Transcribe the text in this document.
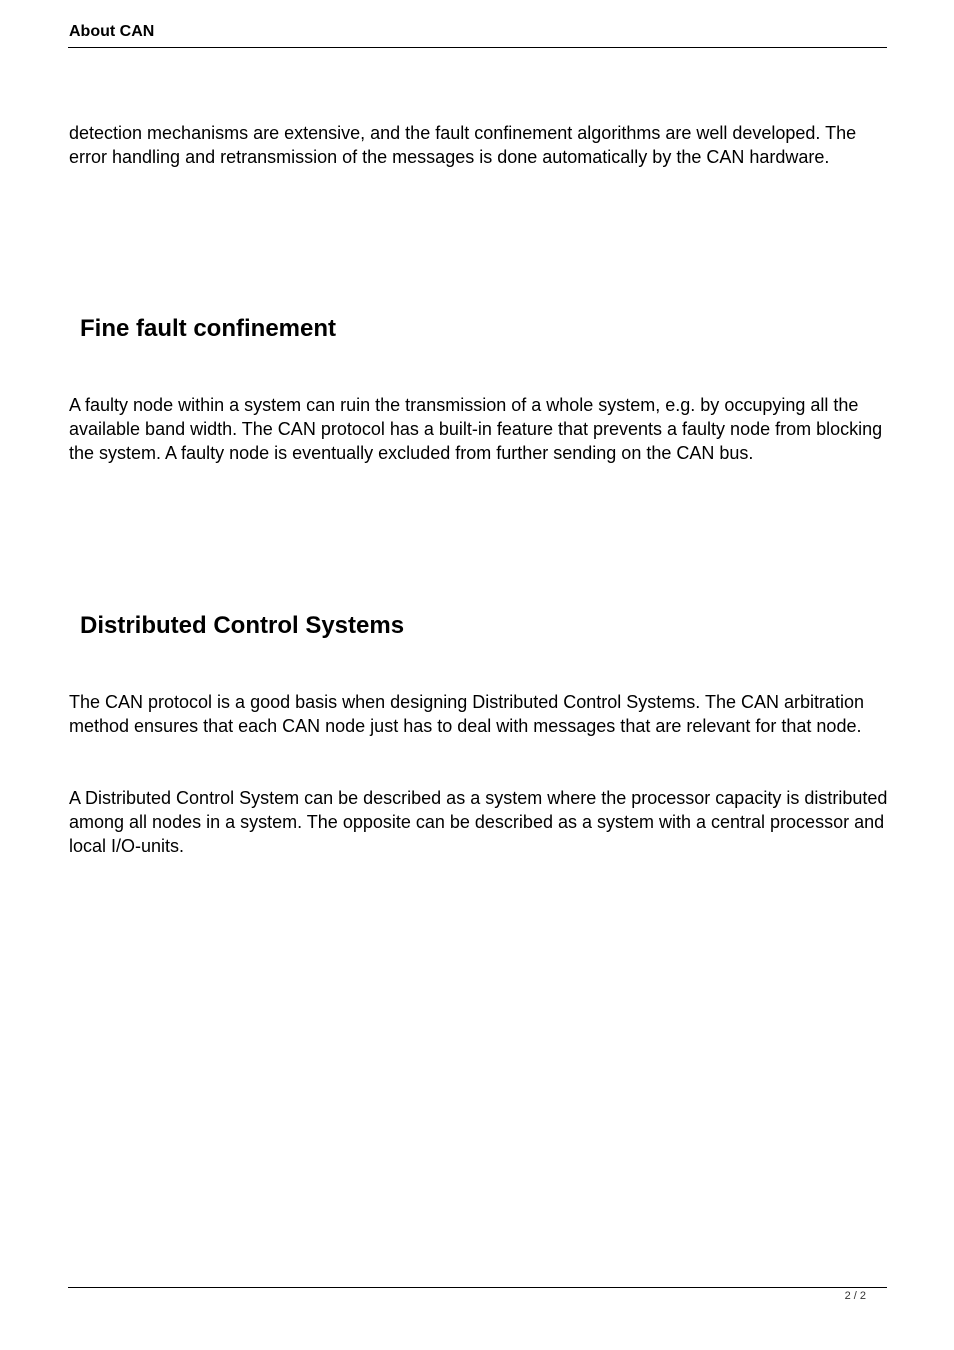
About CAN

detection mechanisms are extensive, and the fault confinement algorithms are well developed. The error handling and retransmission of the messages is done automatically by the CAN hardware.

Fine fault confinement

A faulty node within a system can ruin the transmission of a whole system, e.g. by occupying all the available band width. The CAN protocol has a built-in feature that prevents a faulty node from blocking the system. A faulty node is eventually excluded from further sending on the CAN bus.

Distributed Control Systems

The CAN protocol is a good basis when designing Distributed Control Systems. The CAN arbitration method ensures that each CAN node just has to deal with messages that are relevant for that node.

A Distributed Control System can be described as a system where the processor capacity is distributed among all nodes in a system. The opposite can be described as a system with a central processor and local I/O-units.

2 / 2
